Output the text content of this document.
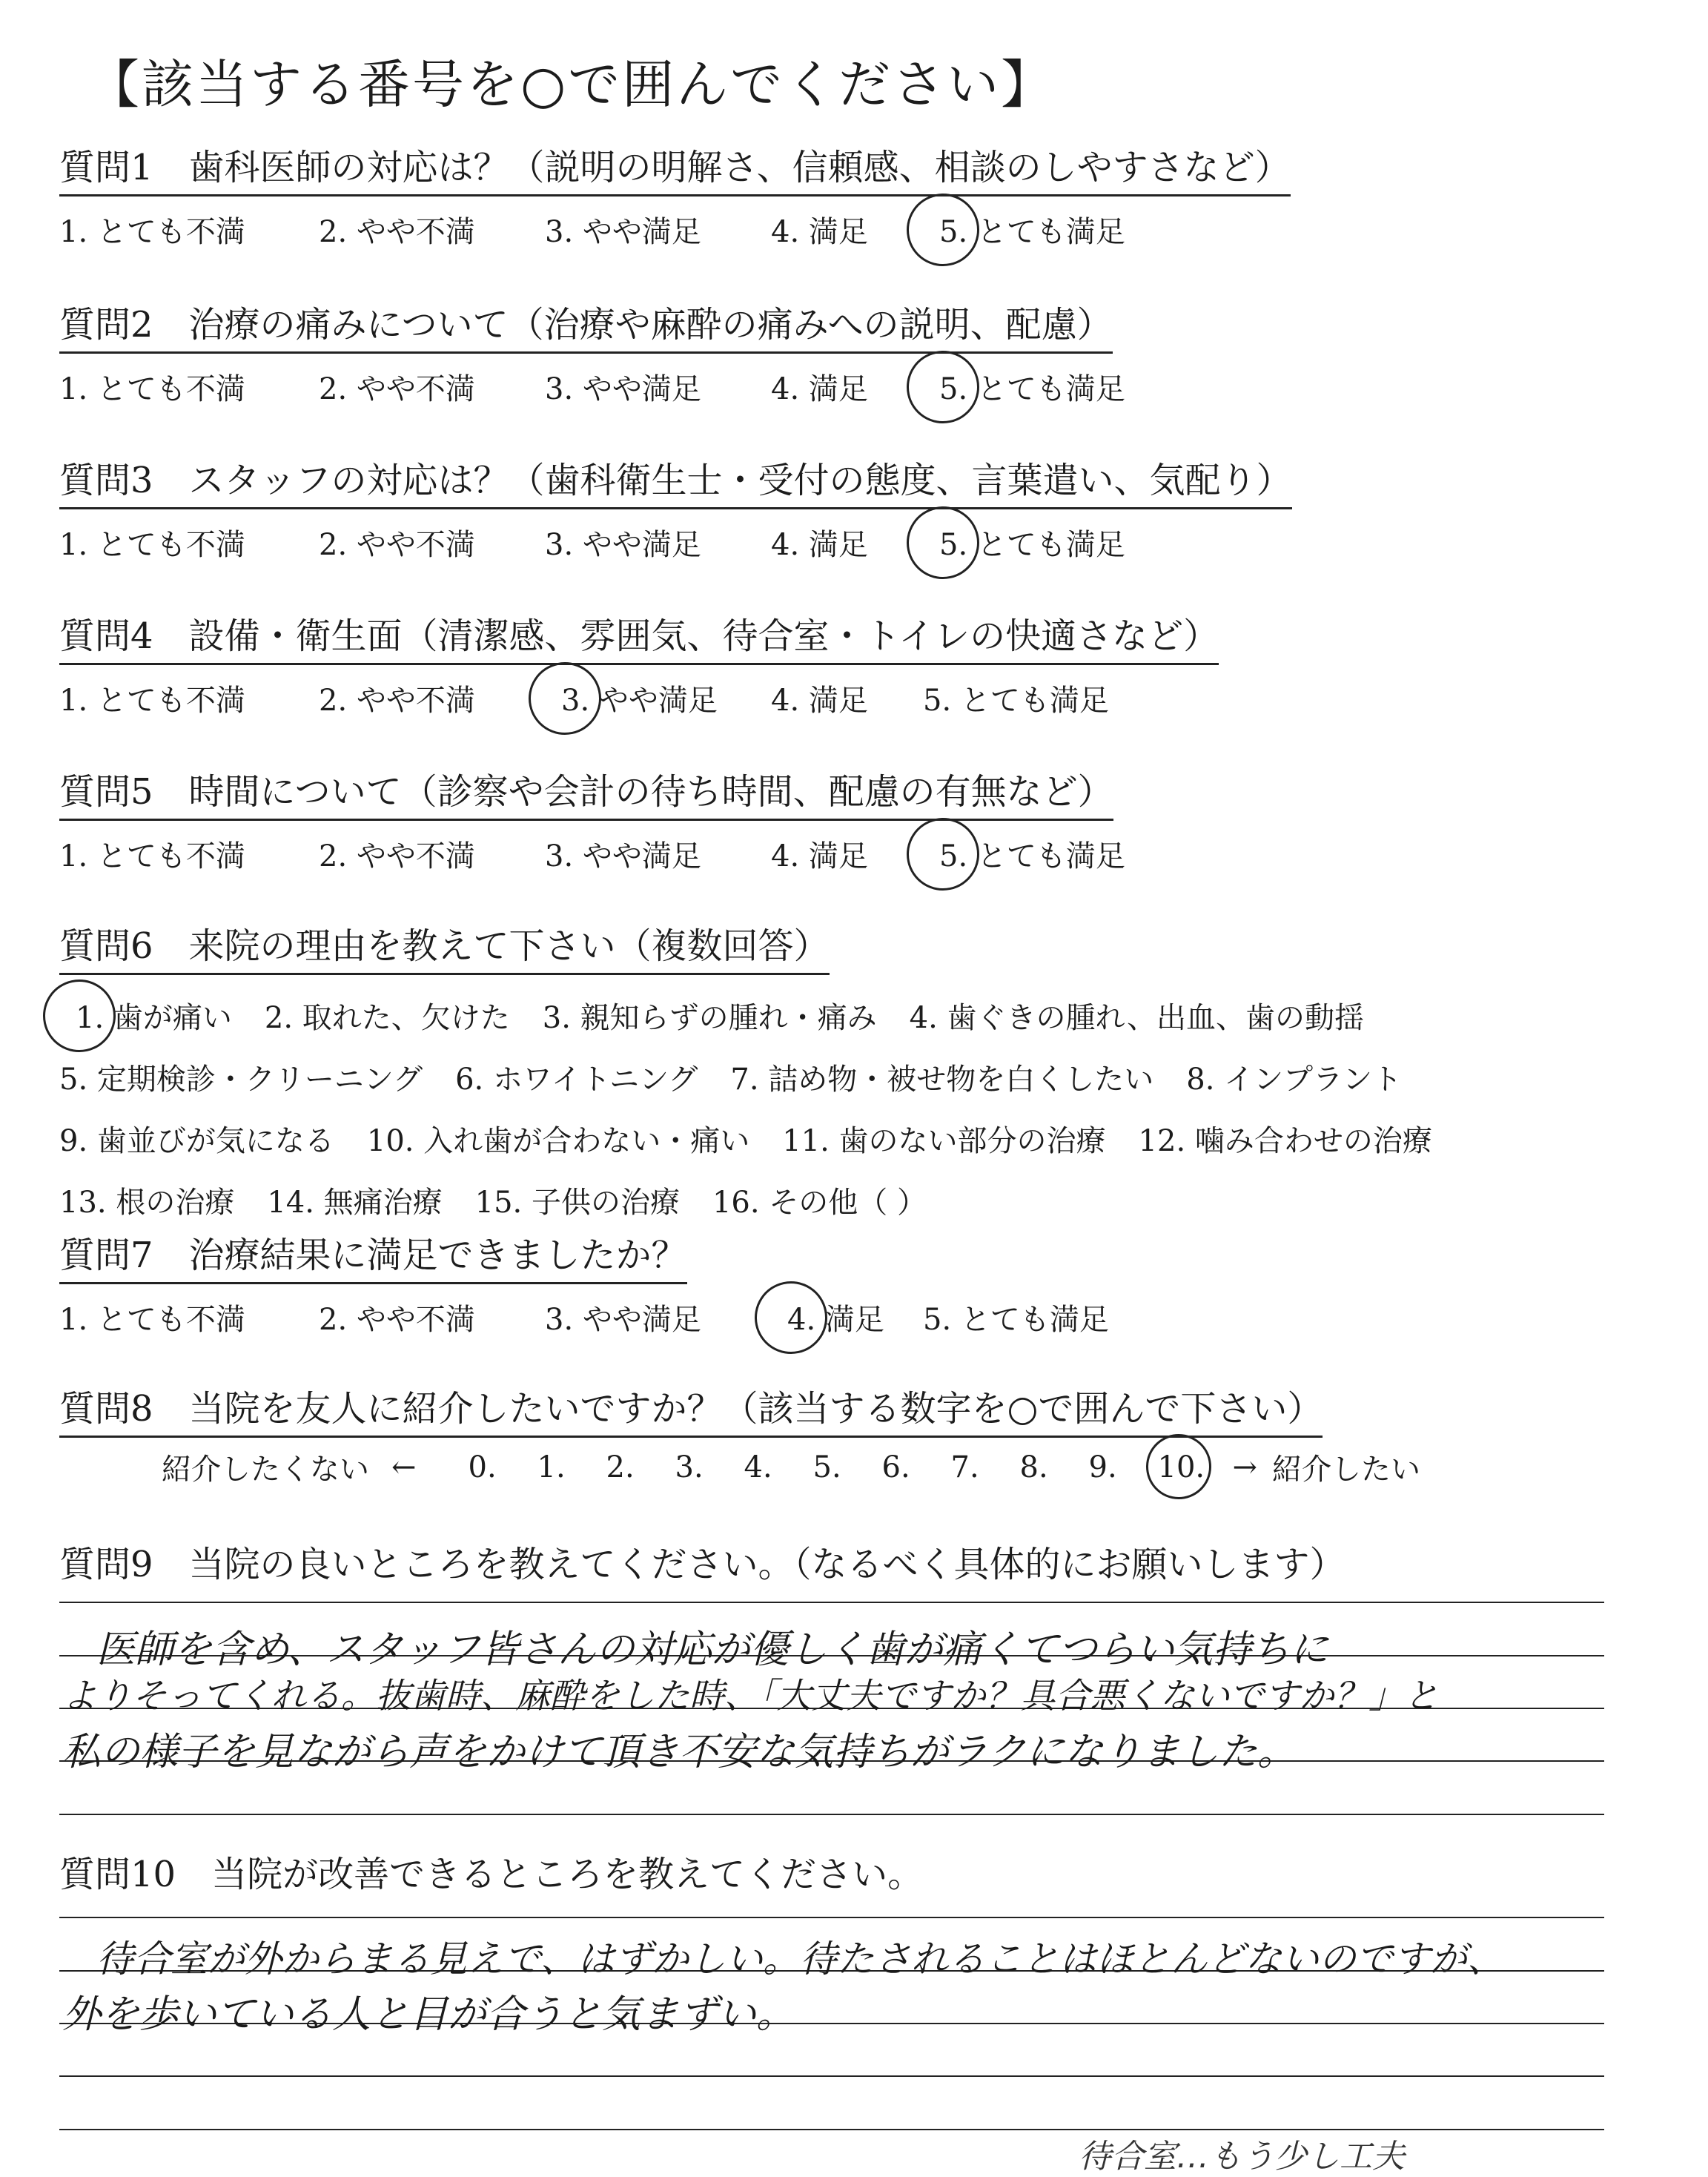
【該当する番号を○で囲んでください】
質問1　歯科医師の対応は？（説明の明解さ、信頼感、相談のしやすさなど）
1. とても不満	2. やや不満	3. やや満足	4. 満足	5. とても満足
質問2　治療の痛みについて（治療や麻酔の痛みへの説明、配慮）
1. とても不満	2. やや不満	3. やや満足	4. 満足	5. とても満足
質問3　スタッフの対応は？（歯科衛生士・受付の態度、言葉遣い、気配り）
1. とても不満	2. やや不満	3. やや満足	4. 満足	5. とても満足
質問4　設備・衛生面（清潔感、雰囲気、待合室・トイレの快適さなど）
1. とても不満	2. やや不満	3. やや満足	4. 満足	5. とても満足
質問5　時間について（診察や会計の待ち時間、配慮の有無など）
1. とても不満	2. やや不満	3. やや満足	4. 満足	5. とても満足
質問6　来院の理由を教えて下さい（複数回答）
1. 歯が痛い 2. 取れた、欠けた 3. 親知らずの腫れ・痛み 4. 歯ぐきの腫れ、出血、歯の動揺
5. 定期検診・クリーニング 6. ホワイトニング 7. 詰め物・被せ物を白くしたい 8. インプラント
9. 歯並びが気になる 10. 入れ歯が合わない・痛い 11. 歯のない部分の治療 12. 噛み合わせの治療
13. 根の治療 14. 無痛治療 15. 子供の治療 16. その他（ ）
質問7　治療結果に満足できましたか？
1. とても不満	2. やや不満	3. やや満足	4. 満足	5. とても満足
質問8　当院を友人に紹介したいですか？（該当する数字を○で囲んで下さい）
紹介したくない ← 0.	1.	2.	3.	4.	5.	6.	7.	8.	9.	10. → 紹介したい
質問9　当院の良いところを教えてください。（なるべく具体的にお願いします）
医師を含め、スタッフ皆さんの対応が優しく歯が痛くてつらい気持ちに
よりそってくれる。抜歯時、麻酔をした時、「大丈夫ですか？具合悪くないですか？」と
私の様子を見ながら声をかけて頂き不安な気持ちがラクになりました。
質問10　当院が改善できるところを教えてください。
待合室が外からまる見えで、はずかしい。待たされることはほとんどないのですが、
外を歩いている人と目が合うと気まずい。
待合室…もう少し工夫
